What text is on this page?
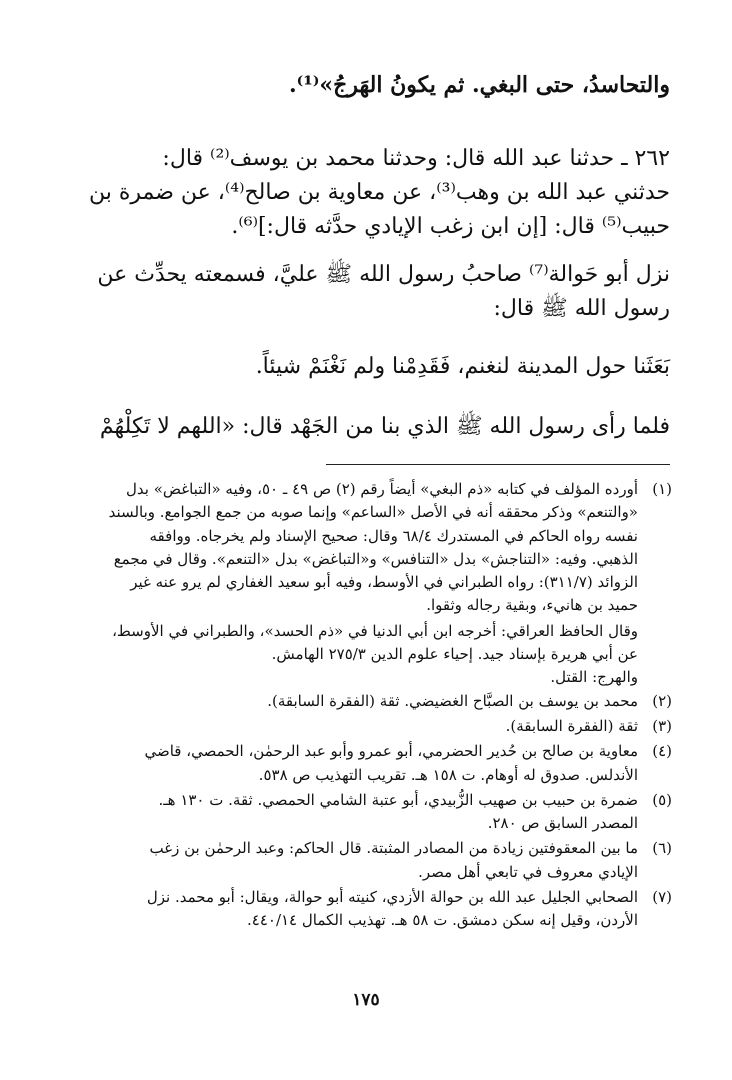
والتحاسدُ، حتى البغي. ثم يكونُ الهَرجُ»⁽¹⁾.
٢٦٢ ـ حدثنا عبد الله قال: وحدثنا محمد بن يوسف⁽²⁾ قال:
حدثني عبد الله بن وهب⁽³⁾، عن معاوية بن صالح⁽⁴⁾، عن ضمرة بن
حبيب⁽⁵⁾ قال: [إن ابن زغب الإيادي حدَّثه قال:]⁽⁶⁾.
نزل أبو حَوالة⁽⁷⁾ صاحبُ رسول الله ﷺ عليَّ، فسمعته يحدِّث عن
رسول الله ﷺ قال:
بَعَثَنا حول المدينة لنغنم، فَقَدِمْنا ولم نَغْنَمْ شيئاً.
فلما رأى رسول الله ﷺ الذي بنا من الجَهْد قال: «اللهم لا تَكِلْهُمْ
(١)
أورده المؤلف في كتابه «ذم البغي» أيضاً رقم (٢) ص ٤٩ ـ ٥٠، وفيه «التباغض» بدل
«والتنعم» وذكر محققه أنه في الأصل «الساعم» وإنما صوبه من جمع الجوامع. وبالسند
نفسه رواه الحاكم في المستدرك ٦٨/٤ وقال: صحيح الإسناد ولم يخرجاه. ووافقه
الذهبي. وفيه: «التناجش» بدل «التنافس» و«التباغض» بدل «التنعم». وقال في مجمع
الزوائد (٣١١/٧): رواه الطبراني في الأوسط، وفيه أبو سعيد الغفاري لم يرو عنه غير
حميد بن هانيء، وبقية رجاله وثقوا.
وقال الحافظ العراقي: أخرجه ابن أبي الدنيا في «ذم الحسد»، والطبراني في الأوسط،
عن أبي هريرة بإسناد جيد. إحياء علوم الدين ٢٧٥/٣ الهامش.
والهرج: القتل.
(٢)
محمد بن يوسف بن الصبَّاح الغضيضي. ثقة (الفقرة السابقة).
(٣)
ثقة (الفقرة السابقة).
(٤)
معاوية بن صالح بن حُدير الحضرمي، أبو عمرو وأبو عبد الرحمٰن، الحمصي، قاضي
الأندلس. صدوق له أوهام. ت ١٥٨ هـ. تقريب التهذيب ص ٥٣٨.
(٥)
ضمرة بن حبيب بن صهيب الزُّبيدي، أبو عتبة الشامي الحمصي. ثقة. ت ١٣٠ هـ.
المصدر السابق ص ٢٨٠.
(٦)
ما بين المعقوفتين زيادة من المصادر المثبتة. قال الحاكم: وعبد الرحمٰن بن زغب
الإيادي معروف في تابعي أهل مصر.
(٧)
الصحابي الجليل عبد الله بن حوالة الأزدي، كنيته أبو حوالة، ويقال: أبو محمد. نزل
الأردن، وقيل إنه سكن دمشق. ت ٥٨ هـ. تهذيب الكمال ٤٤٠/١٤.
١٧٥
